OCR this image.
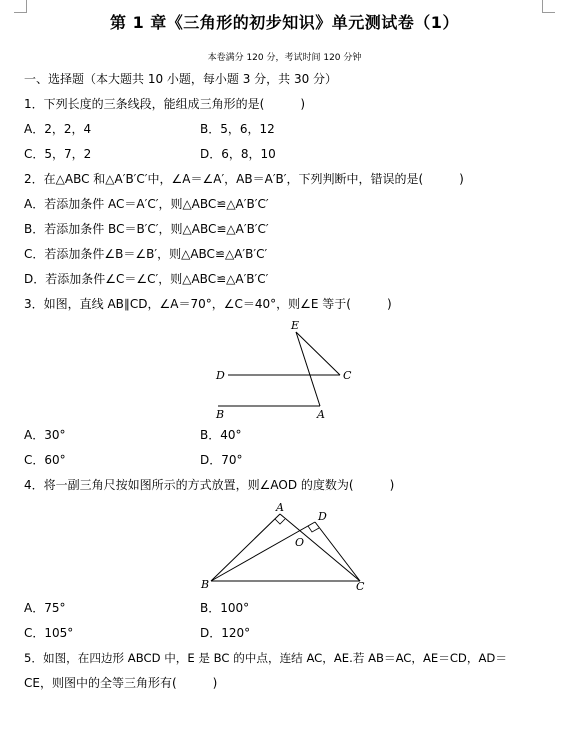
第 1 章《三角形的初步知识》单元测试卷（1）
本卷满分 120 分，考试时间 120 分钟
一、选择题（本大题共 10 小题，每小题 3 分，共 30 分）
1．下列长度的三条线段，能组成三角形的是(　　　)
A．2，2，4	B．5，6，12
C．5，7，2	D．6，8，10
2．在△ABC 和△A′B′C′中，∠A＝∠A′，AB＝A′B′，下列判断中，错误的是(　　　)
A．若添加条件 AC＝A′C′，则△ABC≌△A′B′C′
B．若添加条件 BC＝B′C′，则△ABC≌△A′B′C′
C．若添加条件∠B＝∠B′，则△ABC≌△A′B′C′
D．若添加条件∠C＝∠C′，则△ABC≌△A′B′C′
3．如图，直线 AB∥CD，∠A＝70°，∠C＝40°，则∠E 等于(　　　)
E
D	C
B	A
A．30°	B．40°
C．60°	D．70°
4．将一副三角尺按如图所示的方式放置，则∠AOD 的度数为(　　　)
A
D
O
B	C
A．75°	B．100°
C．105°	D．120°
5．如图，在四边形 ABCD 中，E 是 BC 的中点，连结 AC，AE.若 AB＝AC，AE＝CD，AD＝
CE，则图中的全等三角形有(　　　)
